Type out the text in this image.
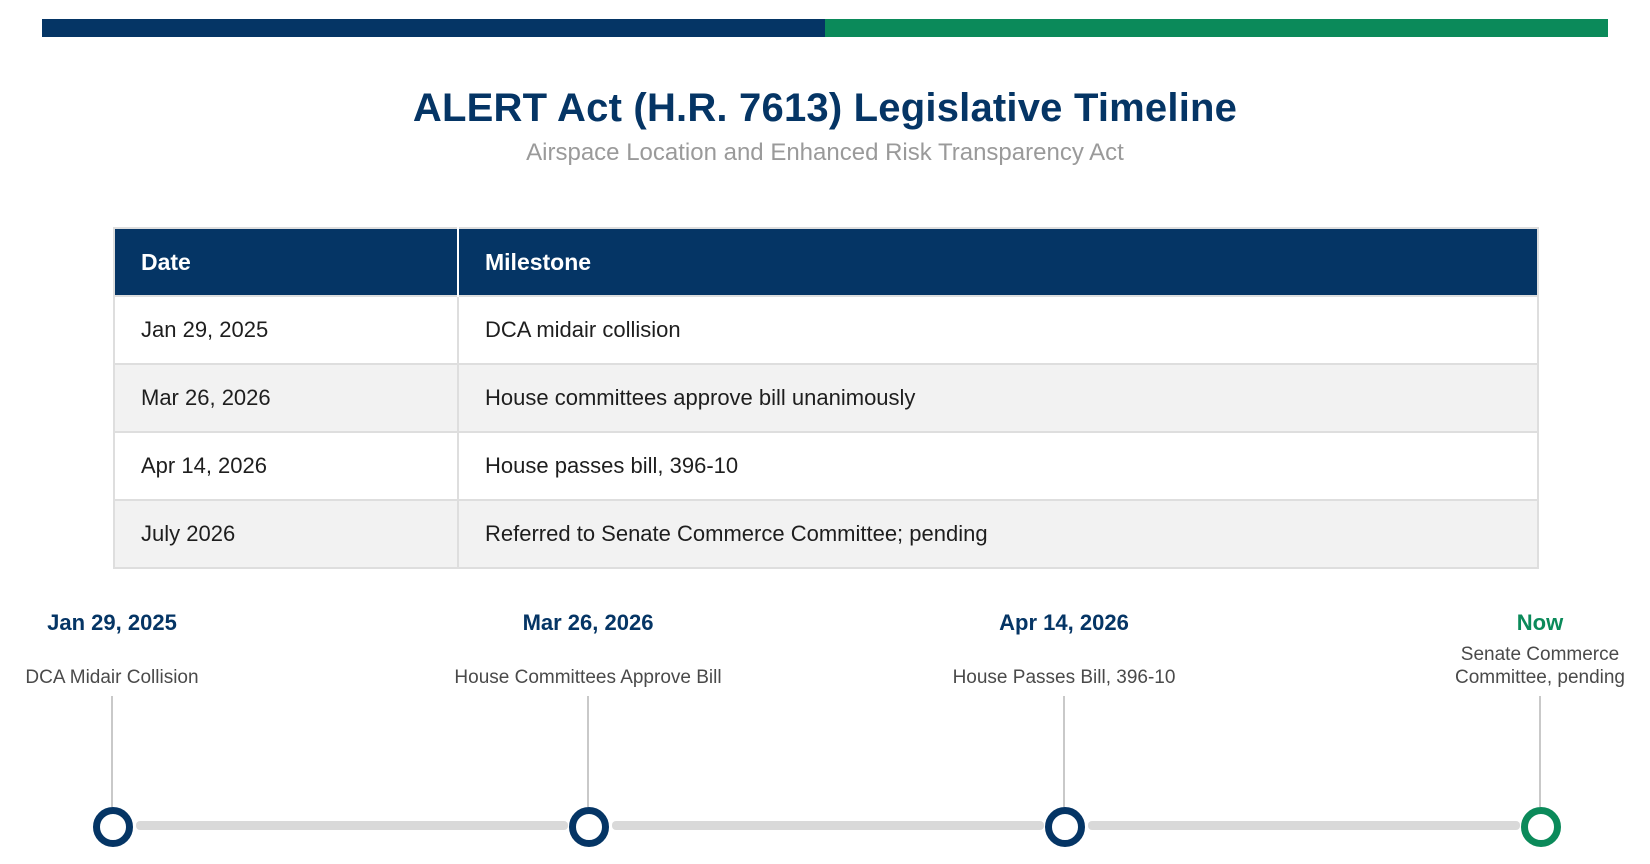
ALERT Act (H.R. 7613) Legislative Timeline
Airspace Location and Enhanced Risk Transparency Act
Date	Milestone
Jan 29, 2025	DCA midair collision
Mar 26, 2026	House committees approve bill unanimously
Apr 14, 2026	House passes bill, 396-10
July 2026	Referred to Senate Commerce Committee; pending
Jan 29, 2025
DCA Midair Collision
Mar 26, 2026
House Committees Approve Bill
Apr 14, 2026
House Passes Bill, 396-10
Now
Senate Commerce
Committee, pending
